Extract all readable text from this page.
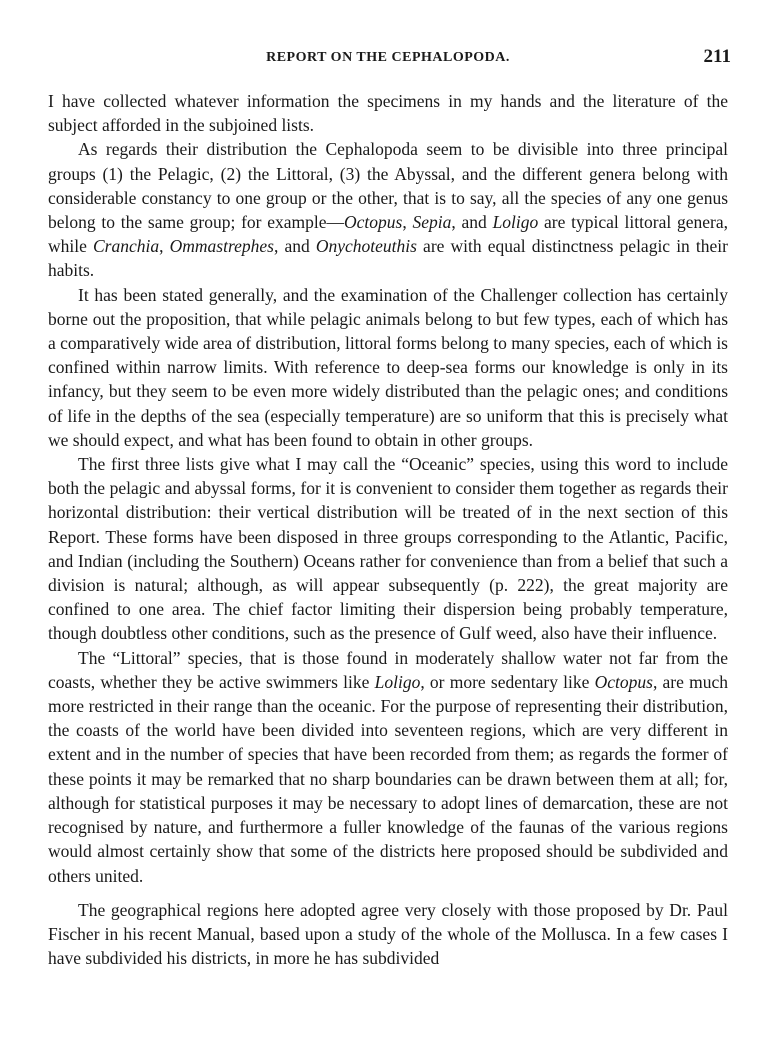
REPORT ON THE CEPHALOPODA.	211

I have collected whatever information the specimens in my hands and the literature of the subject afforded in the subjoined lists.

As regards their distribution the Cephalopoda seem to be divisible into three principal groups (1) the Pelagic, (2) the Littoral, (3) the Abyssal, and the different genera belong with considerable constancy to one group or the other, that is to say, all the species of any one genus belong to the same group; for example—Octopus, Sepia, and Loligo are typical littoral genera, while Cranchia, Ommastrephes, and Onychoteuthis are with equal distinctness pelagic in their habits.

It has been stated generally, and the examination of the Challenger collection has certainly borne out the proposition, that while pelagic animals belong to but few types, each of which has a comparatively wide area of distribution, littoral forms belong to many species, each of which is confined within narrow limits. With reference to deep-sea forms our knowledge is only in its infancy, but they seem to be even more widely distributed than the pelagic ones; and conditions of life in the depths of the sea (especially temperature) are so uniform that this is precisely what we should expect, and what has been found to obtain in other groups.

The first three lists give what I may call the “Oceanic” species, using this word to include both the pelagic and abyssal forms, for it is convenient to consider them together as regards their horizontal distribution: their vertical distribution will be treated of in the next section of this Report. These forms have been disposed in three groups corresponding to the Atlantic, Pacific, and Indian (including the Southern) Oceans rather for convenience than from a belief that such a division is natural; although, as will appear subsequently (p. 222), the great majority are confined to one area. The chief factor limiting their dispersion being probably temperature, though doubtless other conditions, such as the presence of Gulf weed, also have their influence.

The “Littoral” species, that is those found in moderately shallow water not far from the coasts, whether they be active swimmers like Loligo, or more sedentary like Octopus, are much more restricted in their range than the oceanic. For the purpose of representing their distribution, the coasts of the world have been divided into seventeen regions, which are very different in extent and in the number of species that have been recorded from them; as regards the former of these points it may be remarked that no sharp boundaries can be drawn between them at all; for, although for statistical purposes it may be necessary to adopt lines of demarcation, these are not recognised by nature, and furthermore a fuller knowledge of the faunas of the various regions would almost certainly show that some of the districts here proposed should be subdivided and others united.

The geographical regions here adopted agree very closely with those proposed by Dr. Paul Fischer in his recent Manual, based upon a study of the whole of the Mollusca. In a few cases I have subdivided his districts, in more he has subdivided
